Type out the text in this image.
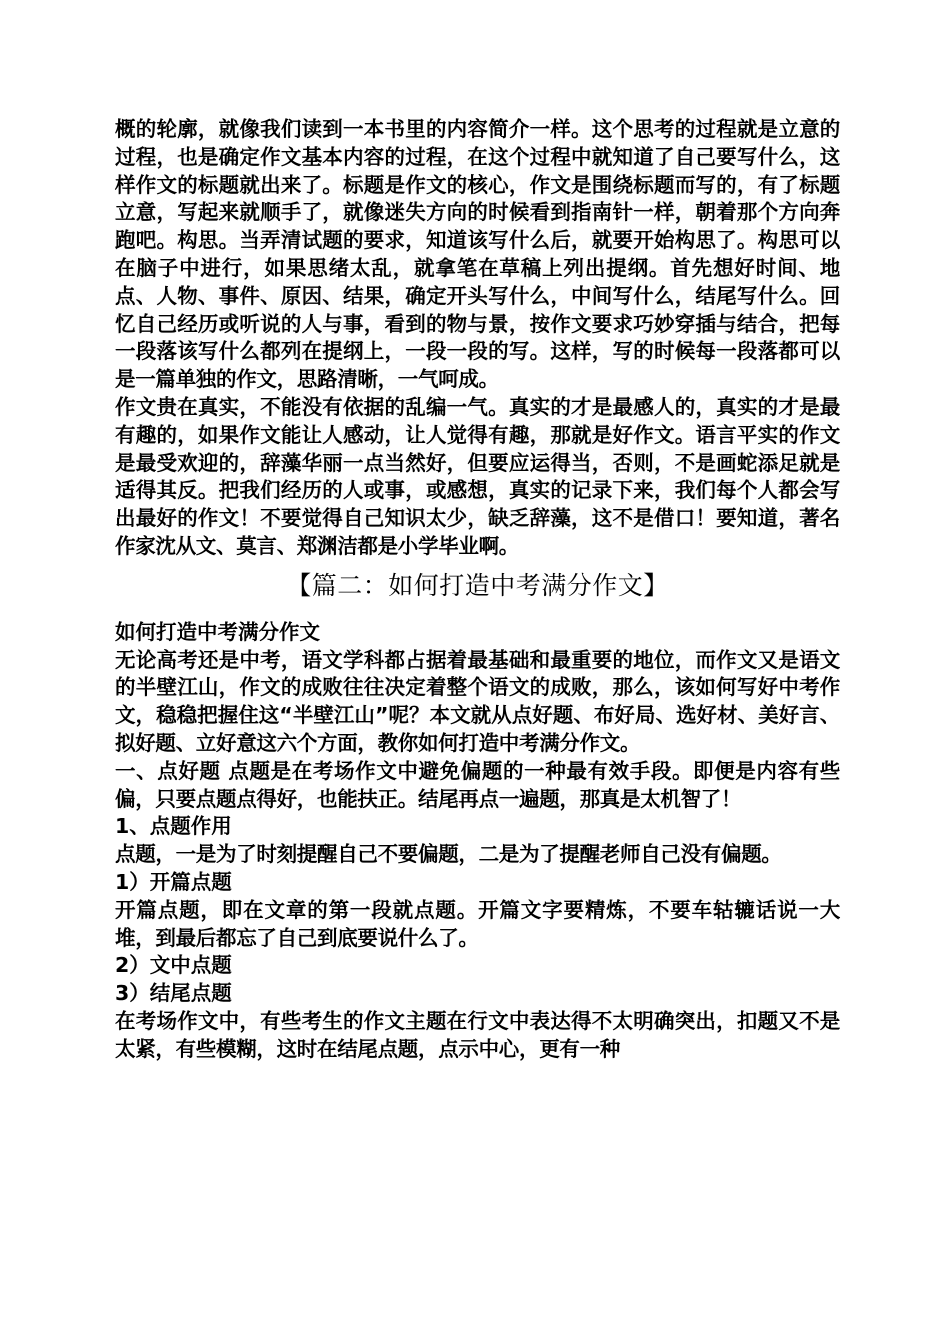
概的轮廓，就像我们读到一本书里的内容简介一样。这个思考的过程就是立意的过程，也是确定作文基本内容的过程，在这个过程中就知道了自己要写什么，这样作文的标题就出来了。标题是作文的核心，作文是围绕标题而写的，有了标题立意，写起来就顺手了，就像迷失方向的时候看到指南针一样，朝着那个方向奔跑吧。构思。当弄清试题的要求，知道该写什么后，就要开始构思了。构思可以在脑子中进行，如果思绪太乱，就拿笔在草稿上列出提纲。首先想好时间、地点、人物、事件、原因、结果，确定开头写什么，中间写什么，结尾写什么。回忆自己经历或听说的人与事，看到的物与景，按作文要求巧妙穿插与结合，把每一段落该写什么都列在提纲上，一段一段的写。这样，写的时候每一段落都可以是一篇单独的作文，思路清晰，一气呵成。

作文贵在真实，不能没有依据的乱编一气。真实的才是最感人的，真实的才是最有趣的，如果作文能让人感动，让人觉得有趣，那就是好作文。语言平实的作文是最受欢迎的，辞藻华丽一点当然好，但要应运得当，否则，不是画蛇添足就是适得其反。把我们经历的人或事，或感想，真实的记录下来，我们每个人都会写出最好的作文！不要觉得自己知识太少，缺乏辞藻，这不是借口！要知道，著名作家沈从文、莫言、郑渊洁都是小学毕业啊。

【篇二：如何打造中考满分作文】

如何打造中考满分作文

无论高考还是中考，语文学科都占据着最基础和最重要的地位，而作文又是语文的半壁江山，作文的成败往往决定着整个语文的成败，那么，该如何写好中考作文，稳稳把握住这“半壁江山”呢？本文就从点好题、布好局、选好材、美好言、拟好题、立好意这六个方面，教你如何打造中考满分作文。

一、点好题 点题是在考场作文中避免偏题的一种最有效手段。即便是内容有些偏，只要点题点得好，也能扶正。结尾再点一遍题，那真是太机智了！

1、点题作用

点题，一是为了时刻提醒自己不要偏题，二是为了提醒老师自己没有偏题。

1）开篇点题

开篇点题，即在文章的第一段就点题。开篇文字要精炼，不要车轱辘话说一大堆，到最后都忘了自己到底要说什么了。

2）文中点题

3）结尾点题

在考场作文中，有些考生的作文主题在行文中表达得不太明确突出，扣题又不是太紧，有些模糊，这时在结尾点题，点示中心，更有一种
